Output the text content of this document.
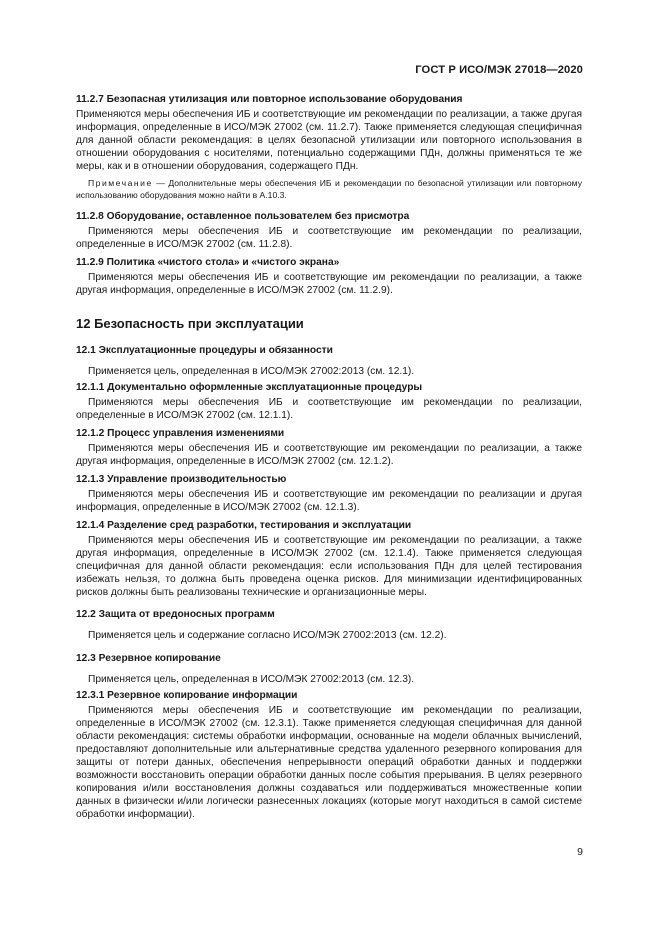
ГОСТ Р ИСО/МЭК 27018—2020

11.2.7 Безопасная утилизация или повторное использование оборудования

Применяются меры обеспечения ИБ и соответствующие им рекомендации по реализации, а также другая информация, определенные в ИСО/МЭК 27002 (см. 11.2.7). Также применяется следующая специфичная для данной области рекомендация: в целях безопасной утилизации или повторного использования в отношении оборудования с носителями, потенциально содержащими ПДн, должны применяться те же меры, как и в отношении оборудования, содержащего ПДн.

Примечание — Дополнительные меры обеспечения ИБ и рекомендации по безопасной утилизации или повторному использованию оборудования можно найти в А.10.3.

11.2.8 Оборудование, оставленное пользователем без присмотра

Применяются меры обеспечения ИБ и соответствующие им рекомендации по реализации, определенные в ИСО/МЭК 27002 (см. 11.2.8).

11.2.9 Политика «чистого стола» и «чистого экрана»

Применяются меры обеспечения ИБ и соответствующие им рекомендации по реализации, а также другая информация, определенные в ИСО/МЭК 27002 (см. 11.2.9).

12 Безопасность при эксплуатации

12.1 Эксплуатационные процедуры и обязанности

Применяется цель, определенная в ИСО/МЭК 27002:2013 (см. 12.1).

12.1.1 Документально оформленные эксплуатационные процедуры

Применяются меры обеспечения ИБ и соответствующие им рекомендации по реализации, определенные в ИСО/МЭК 27002 (см. 12.1.1).

12.1.2 Процесс управления изменениями

Применяются меры обеспечения ИБ и соответствующие им рекомендации по реализации, а также другая информация, определенные в ИСО/МЭК 27002 (см. 12.1.2).

12.1.3 Управление производительностью

Применяются меры обеспечения ИБ и соответствующие им рекомендации по реализации и другая информация, определенные в ИСО/МЭК 27002 (см. 12.1.3).

12.1.4 Разделение сред разработки, тестирования и эксплуатации

Применяются меры обеспечения ИБ и соответствующие им рекомендации по реализации, а также другая информация, определенные в ИСО/МЭК 27002 (см. 12.1.4). Также применяется следующая специфичная для данной области рекомендация: если использования ПДн для целей тестирования избежать нельзя, то должна быть проведена оценка рисков. Для минимизации идентифицированных рисков должны быть реализованы технические и организационные меры.

12.2 Защита от вредоносных программ

Применяется цель и содержание согласно ИСО/МЭК 27002:2013 (см. 12.2).

12.3 Резервное копирование

Применяется цель, определенная в ИСО/МЭК 27002:2013 (см. 12.3).

12.3.1 Резервное копирование информации

Применяются меры обеспечения ИБ и соответствующие им рекомендации по реализации, определенные в ИСО/МЭК 27002 (см. 12.3.1). Также применяется следующая специфичная для данной области рекомендация: системы обработки информации, основанные на модели облачных вычислений, предоставляют дополнительные или альтернативные средства удаленного резервного копирования для защиты от потери данных, обеспечения непрерывности операций обработки данных и поддержки возможности восстановить операции обработки данных после события прерывания. В целях резервного копирования и/или восстановления должны создаваться или поддерживаться множественные копии данных в физически и/или логически разнесенных локациях (которые могут находиться в самой системе обработки информации).

9
